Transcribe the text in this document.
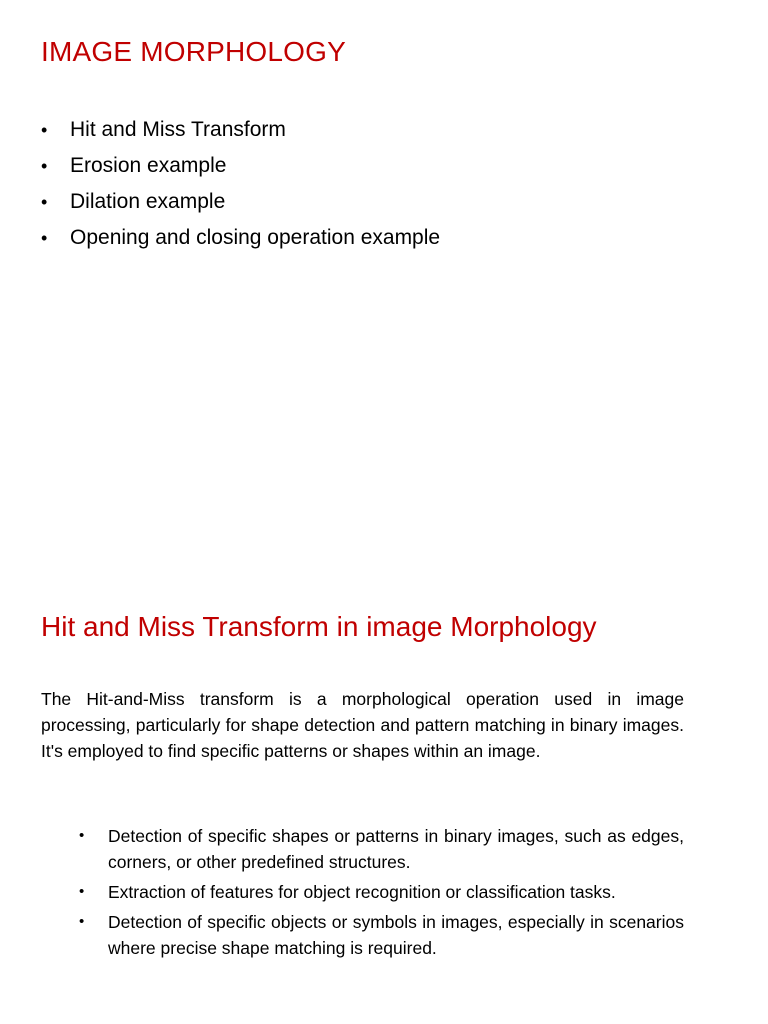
IMAGE MORPHOLOGY
• Hit and Miss Transform
• Erosion example
• Dilation example
• Opening and closing operation example
Hit and Miss Transform in image Morphology

The Hit-and-Miss transform is a morphological operation used in image processing, particularly for shape detection and pattern matching in binary images. It's employed to find specific patterns or shapes within an image.

• Detection of specific shapes or patterns in binary images, such as edges, corners, or other predefined structures.
• Extraction of features for object recognition or classification tasks.
• Detection of specific objects or symbols in images, especially in scenarios where precise shape matching is required.
